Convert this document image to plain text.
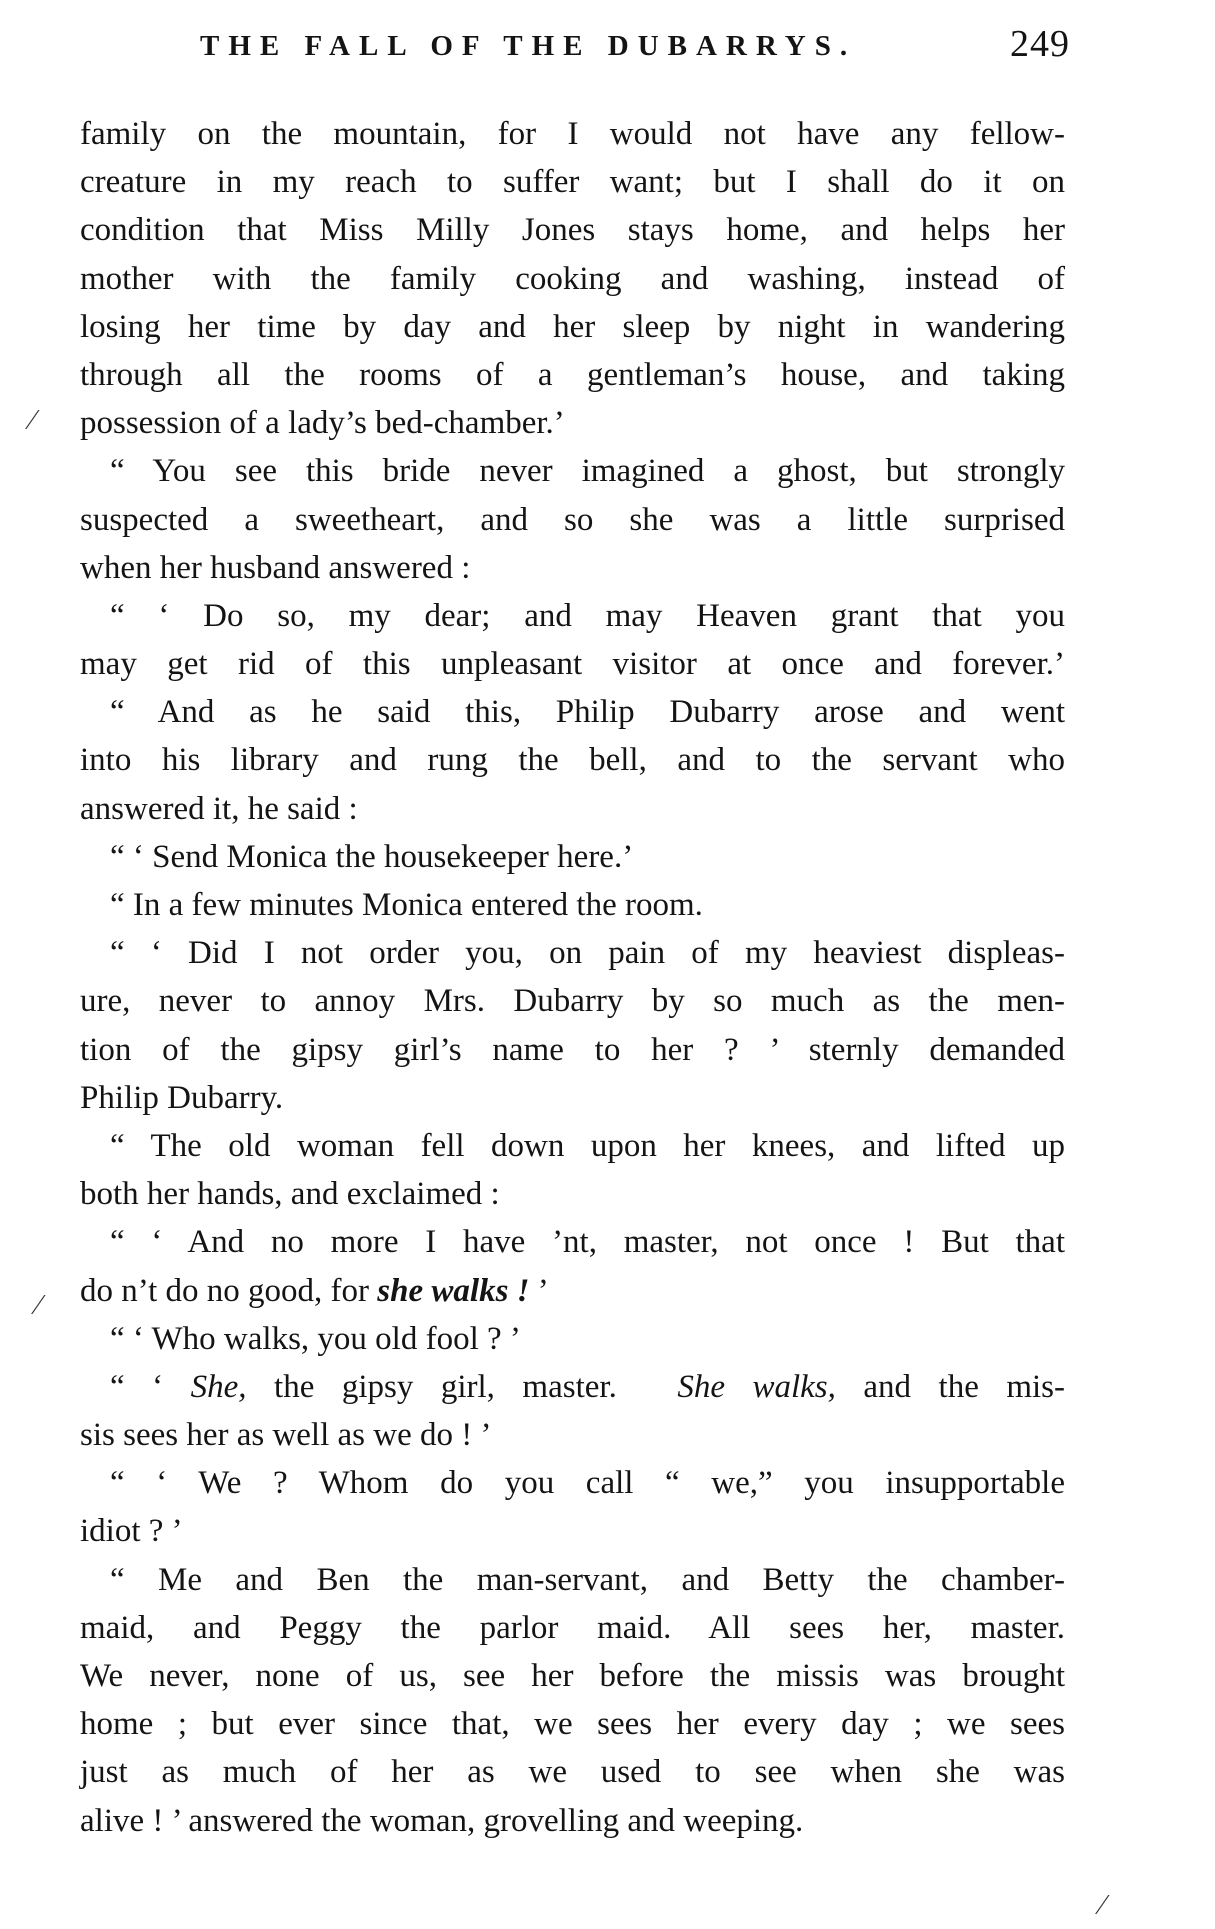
THE FALL OF THE DUBARRYS.	249
family on the mountain, for I would not have any fellow-
creature in my reach to suffer want; but I shall do it on
condition that Miss Milly Jones stays home, and helps her
mother with the family cooking and washing, instead of
losing her time by day and her sleep by night in wandering
through all the rooms of a gentleman’s house, and taking
possession of a lady’s bed-chamber.’
“ You see this bride never imagined a ghost, but strongly
suspected a sweetheart, and so she was a little surprised
when her husband answered :
“ ‘ Do so, my dear; and may Heaven grant that you
may get rid of this unpleasant visitor at once and forever.’
“ And as he said this, Philip Dubarry arose and went
into his library and rung the bell, and to the servant who
answered it, he said :
“ ‘ Send Monica the housekeeper here.’
“ In a few minutes Monica entered the room.
“ ‘ Did I not order you, on pain of my heaviest displeas-
ure, never to annoy Mrs. Dubarry by so much as the men-
tion of the gipsy girl’s name to her ? ’ sternly demanded
Philip Dubarry.
“ The old woman fell down upon her knees, and lifted up
both her hands, and exclaimed :
“ ‘ And no more I have ’nt, master, not once ! But that
do n’t do no good, for she walks ! ’
“ ‘ Who walks, you old fool ? ’
“ ‘ She, the gipsy girl, master.   She walks, and the mis-
sis sees her as well as we do ! ’
“ ‘ We ? Whom do you call “ we,” you insupportable
idiot ? ’
“ Me and Ben the man-servant, and Betty the chamber-
maid, and Peggy the parlor maid. All sees her, master.
We never, none of us, see her before the missis was brought
home ; but ever since that, we sees her every day ; we sees
just as much of her as we used to see when she was
alive ! ’ answered the woman, grovelling and weeping.
⁄
⁄
⁄
